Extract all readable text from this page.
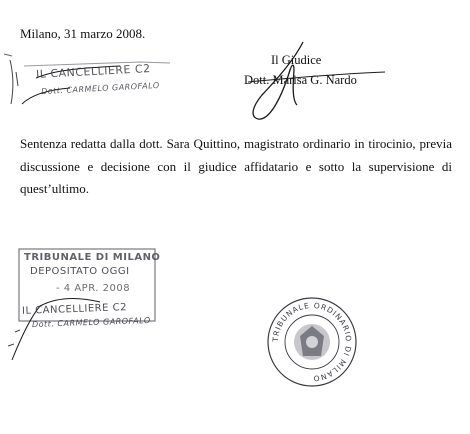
Milano, 31 marzo 2008.
Il Giudice
Dott. Marisa G. Nardo
IL CANCELLIERE C2
Dott. CARMELO GAROFALO
Sentenza redatta dalla dott. Sara Quittino, magistrato ordinario in tirocinio, previa discussione e decisione con il giudice affidatario e sotto la supervisione di quest’ultimo.
TRIBUNALE DI MILANO
DEPOSITATO OGGI
- 4 APR. 2008
IL CANCELLIERE C2
Dott. CARMELO GAROFALO
TRIBUNALE ORDINARIO DI MILANO
